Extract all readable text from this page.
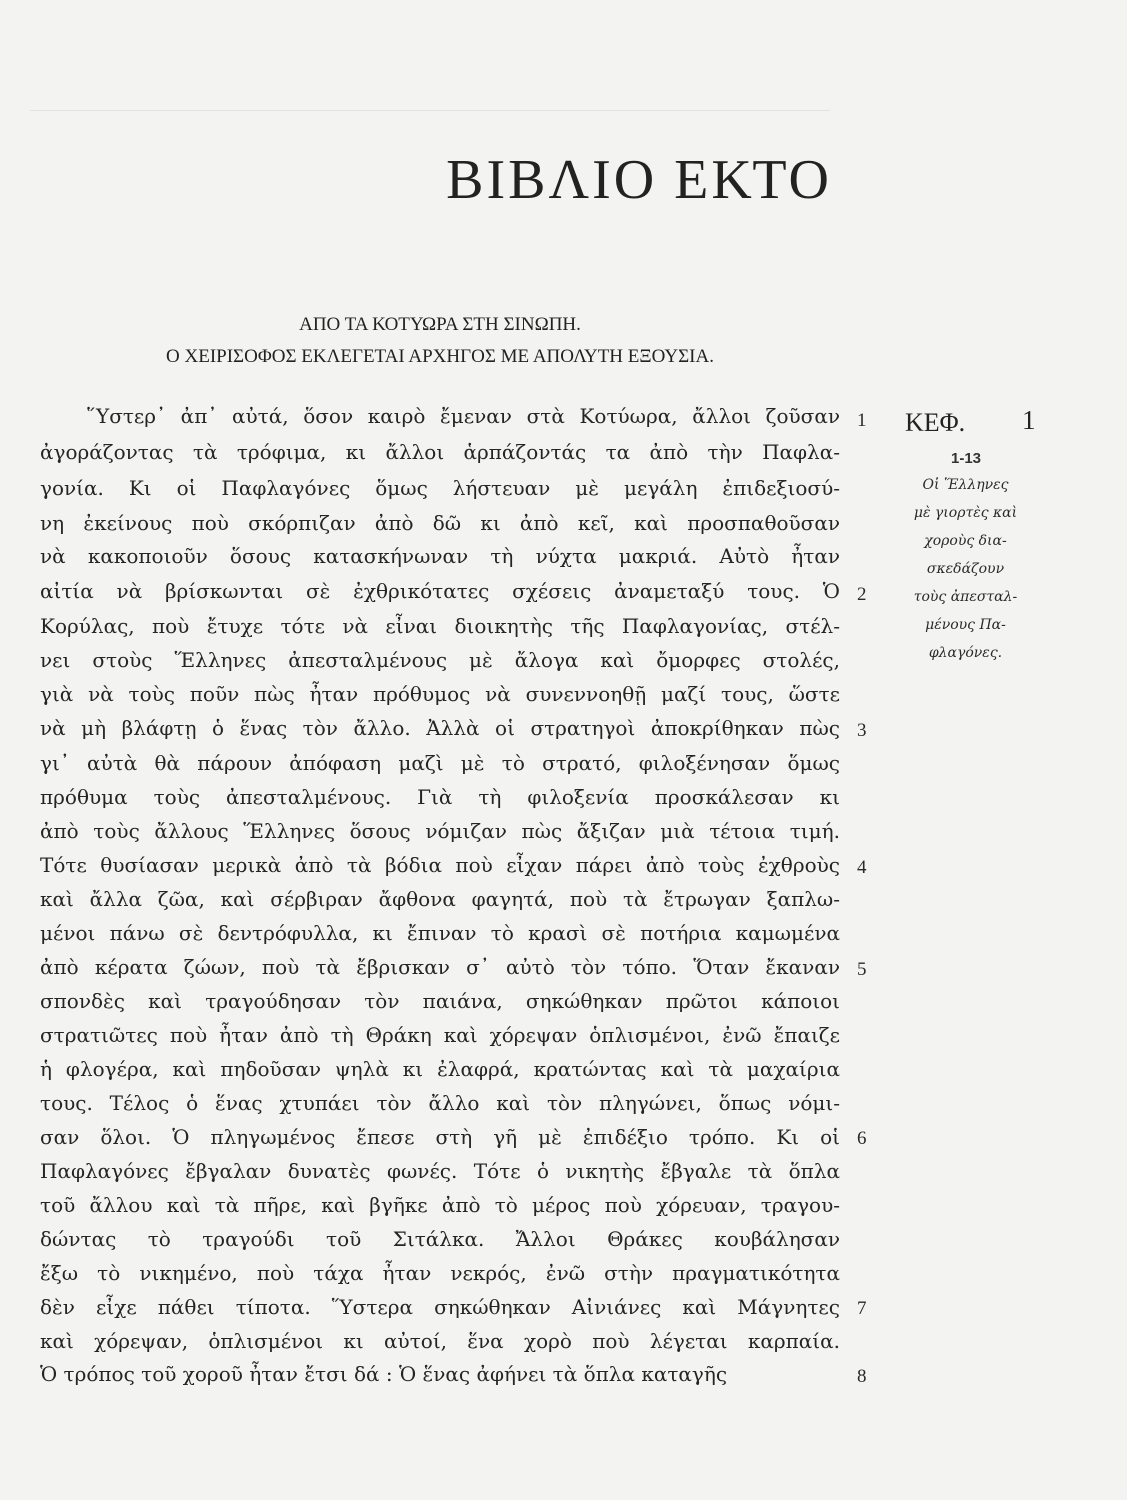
ΒΙΒΛΙΟ ΕΚΤΟ
ΑΠΟ ΤΑ ΚΟΤΥΩΡΑ ΣΤΗ ΣΙΝΩΠΗ.
Ο ΧΕΙΡΙΣΟΦΟΣ ΕΚΛΕΓΕΤΑΙ ΑΡΧΗΓΟΣ ΜΕ ΑΠΟΛΥΤΗ ΕΞΟΥΣΙΑ.
῞Υστερ᾽ ἀπ᾽ αὐτά, ὅσον καιρὸ ἔμεναν στὰ Κοτύωρα, ἄλλοι ζοῦσαν
ἀγοράζοντας τὰ τρόφιμα, κι ἄλλοι ἁρπάζοντάς τα ἀπὸ τὴν Παφλα-
γονία. Κι οἱ Παφλαγόνες ὅμως λήστευαν μὲ μεγάλη ἐπιδεξιοσύ-
νη ἐκείνους ποὺ σκόρπιζαν ἀπὸ δῶ κι ἀπὸ κεῖ, καὶ προσπαθοῦσαν
νὰ κακοποιοῦν ὅσους κατασκήνωναν τὴ νύχτα μακριά. Αὐτὸ ἦταν
αἰτία νὰ βρίσκωνται σὲ ἐχθρικότατες σχέσεις ἀναμεταξύ τους. Ὁ
Κορύλας, ποὺ ἔτυχε τότε νὰ εἶναι διοικητὴς τῆς Παφλαγονίας, στέλ-
νει στοὺς Ἕλληνες ἀπεσταλμένους μὲ ἄλογα καὶ ὄμορφες στολές,
γιὰ νὰ τοὺς ποῦν πὼς ἦταν πρόθυμος νὰ συνεννοηθῇ μαζί τους, ὥστε
νὰ μὴ βλάφτῃ ὁ ἕνας τὸν ἄλλο. Ἀλλὰ οἱ στρατηγοὶ ἀποκρίθηκαν πὼς
γι᾽ αὐτὰ θὰ πάρουν ἀπόφαση μαζὶ μὲ τὸ στρατό, φιλοξένησαν ὅμως
πρόθυμα τοὺς ἀπεσταλμένους. Γιὰ τὴ φιλοξενία προσκάλεσαν κι
ἀπὸ τοὺς ἄλλους Ἕλληνες ὅσους νόμιζαν πὼς ἄξιζαν μιὰ τέτοια τιμή.
Τότε θυσίασαν μερικὰ ἀπὸ τὰ βόδια ποὺ εἶχαν πάρει ἀπὸ τοὺς ἐχθροὺς
καὶ ἄλλα ζῶα, καὶ σέρβιραν ἄφθονα φαγητά, ποὺ τὰ ἔτρωγαν ξαπλω-
μένοι πάνω σὲ δεντρόφυλλα, κι ἔπιναν τὸ κρασὶ σὲ ποτήρια καμωμένα
ἀπὸ κέρατα ζώων, ποὺ τὰ ἔβρισκαν σ᾽ αὐτὸ τὸν τόπο. Ὅταν ἔκαναν
σπονδὲς καὶ τραγούδησαν τὸν παιάνα, σηκώθηκαν πρῶτοι κάποιοι
στρατιῶτες ποὺ ἦταν ἀπὸ τὴ Θράκη καὶ χόρεψαν ὁπλισμένοι, ἐνῶ ἔπαιζε
ἡ φλογέρα, καὶ πηδοῦσαν ψηλὰ κι ἐλαφρά, κρατώντας καὶ τὰ μαχαίρια
τους. Τέλος ὁ ἕνας χτυπάει τὸν ἄλλο καὶ τὸν πληγώνει, ὅπως νόμι-
σαν ὅλοι. Ὁ πληγωμένος ἔπεσε στὴ γῆ μὲ ἐπιδέξιο τρόπο. Κι οἱ
Παφλαγόνες ἔβγαλαν δυνατὲς φωνές. Τότε ὁ νικητὴς ἔβγαλε τὰ ὅπλα
τοῦ ἄλλου καὶ τὰ πῆρε, καὶ βγῆκε ἀπὸ τὸ μέρος ποὺ χόρευαν, τραγου-
δώντας τὸ τραγούδι τοῦ Σιτάλκα. Ἄλλοι Θράκες κουβάλησαν
ἔξω τὸ νικημένο, ποὺ τάχα ἦταν νεκρός, ἐνῶ στὴν πραγματικότητα
δὲν εἶχε πάθει τίποτα. Ὕστερα σηκώθηκαν Αἰνιάνες καὶ Μάγνητες
καὶ χόρεψαν, ὁπλισμένοι κι αὐτοί, ἕνα χορὸ ποὺ λέγεται καρπαία.
Ὁ τρόπος τοῦ χοροῦ ἦταν ἔτσι δά : Ὁ ἕνας ἀφήνει τὰ ὅπλα καταγῆς
1
2
3
4
5
6
7
8
ΚΕΦ. 1
1-13
Οἱ Ἕλληνες
μὲ γιορτὲς καὶ
χοροὺς δια-
σκεδάζουν
τοὺς ἀπεσταλ-
μένους Πα-
φλαγόνες.
